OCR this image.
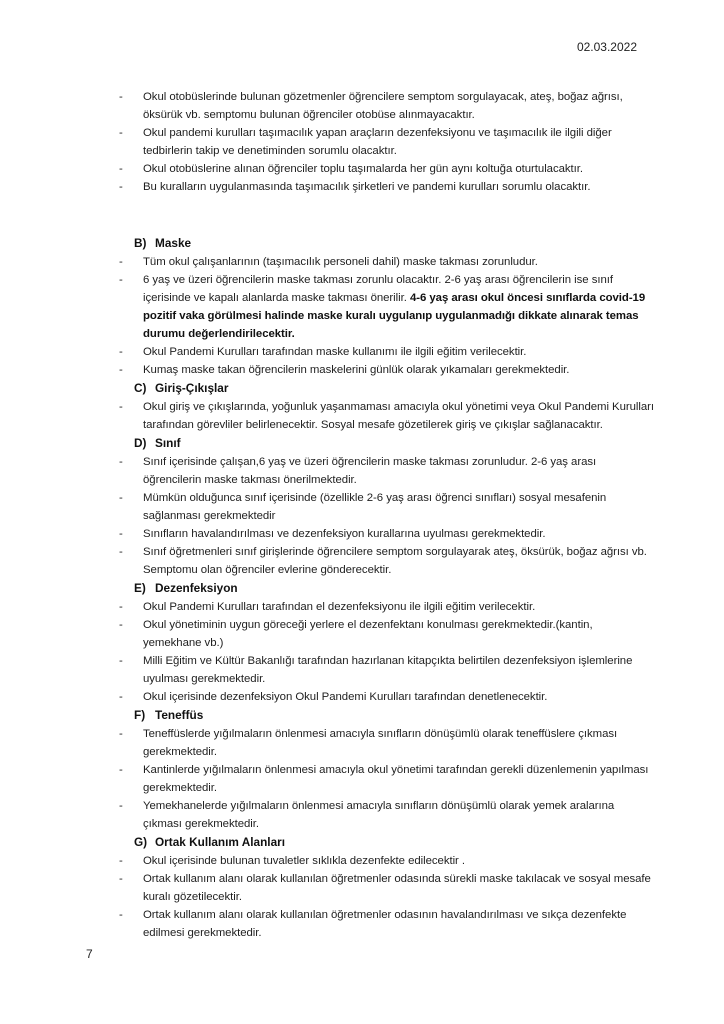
02.03.2022
- Okul otobüslerinde bulunan gözetmenler öğrencilere semptom sorgulayacak, ateş, boğaz ağrısı, öksürük vb. semptomu bulunan öğrenciler otobüse alınmayacaktır.
- Okul pandemi kurulları taşımacılık yapan araçların dezenfeksiyonu ve taşımacılık ile ilgili diğer tedbirlerin takip ve denetiminden sorumlu olacaktır.
- Okul otobüslerine alınan öğrenciler toplu taşımalarda her gün aynı koltuğa oturtulacaktır.
- Bu kuralların uygulanmasında taşımacılık şirketleri ve pandemi kurulları sorumlu olacaktır.
B) Maske
- Tüm okul çalışanlarının (taşımacılık personeli dahil) maske takması zorunludur.
- 6 yaş ve üzeri öğrencilerin maske takması zorunlu olacaktır. 2-6 yaş arası öğrencilerin ise sınıf içerisinde ve kapalı alanlarda maske takması önerilir. 4-6 yaş arası okul öncesi sınıflarda covid-19 pozitif vaka görülmesi halinde maske kuralı uygulanıp uygulanmadığı dikkate alınarak temas durumu değerlendirilecektir.
- Okul Pandemi Kurulları tarafından maske kullanımı ile ilgili eğitim verilecektir.
- Kumaş maske takan öğrencilerin maskelerini günlük olarak yıkamaları gerekmektedir.
C) Giriş-Çıkışlar
- Okul giriş ve çıkışlarında, yoğunluk yaşanmaması amacıyla okul yönetimi veya Okul Pandemi Kurulları tarafından görevliler belirlenecektir. Sosyal mesafe gözetilerek giriş ve çıkışlar sağlanacaktır.
D) Sınıf
- Sınıf içerisinde çalışan,6 yaş ve üzeri öğrencilerin maske takması zorunludur. 2-6 yaş arası öğrencilerin maske takması önerilmektedir.
- Mümkün olduğunca sınıf içerisinde (özellikle 2-6 yaş arası öğrenci sınıfları) sosyal mesafenin sağlanması gerekmektedir
- Sınıfların havalandırılması ve dezenfeksiyon kurallarına uyulması gerekmektedir.
- Sınıf öğretmenleri sınıf girişlerinde öğrencilere semptom sorgulayarak ateş, öksürük, boğaz ağrısı vb. Semptomu olan öğrenciler evlerine gönderecektir.
E) Dezenfeksiyon
- Okul Pandemi Kurulları tarafından el dezenfeksiyonu ile ilgili eğitim verilecektir.
- Okul yönetiminin uygun göreceği yerlere el dezenfektanı konulması gerekmektedir.(kantin, yemekhane vb.)
- Milli Eğitim ve Kültür Bakanlığı tarafından hazırlanan kitapçıkta belirtilen dezenfeksiyon işlemlerine uyulması gerekmektedir.
- Okul içerisinde dezenfeksiyon Okul Pandemi Kurulları tarafından denetlenecektir.
F) Teneffüs
- Teneffüslerde yığılmaların önlenmesi amacıyla sınıfların dönüşümlü olarak teneffüslere çıkması gerekmektedir.
- Kantinlerde yığılmaların önlenmesi amacıyla okul yönetimi tarafından gerekli düzenlemenin yapılması gerekmektedir.
- Yemekhanelerde yığılmaların önlenmesi amacıyla sınıfların dönüşümlü olarak yemek aralarına çıkması gerekmektedir.
G) Ortak Kullanım Alanları
- Okul içerisinde bulunan tuvaletler sıklıkla dezenfekte edilecektir .
- Ortak kullanım alanı olarak kullanılan öğretmenler odasında sürekli maske takılacak ve sosyal mesafe kuralı gözetilecektir.
- Ortak kullanım alanı olarak kullanılan öğretmenler odasının havalandırılması ve sıkça dezenfekte edilmesi gerekmektedir.
7
